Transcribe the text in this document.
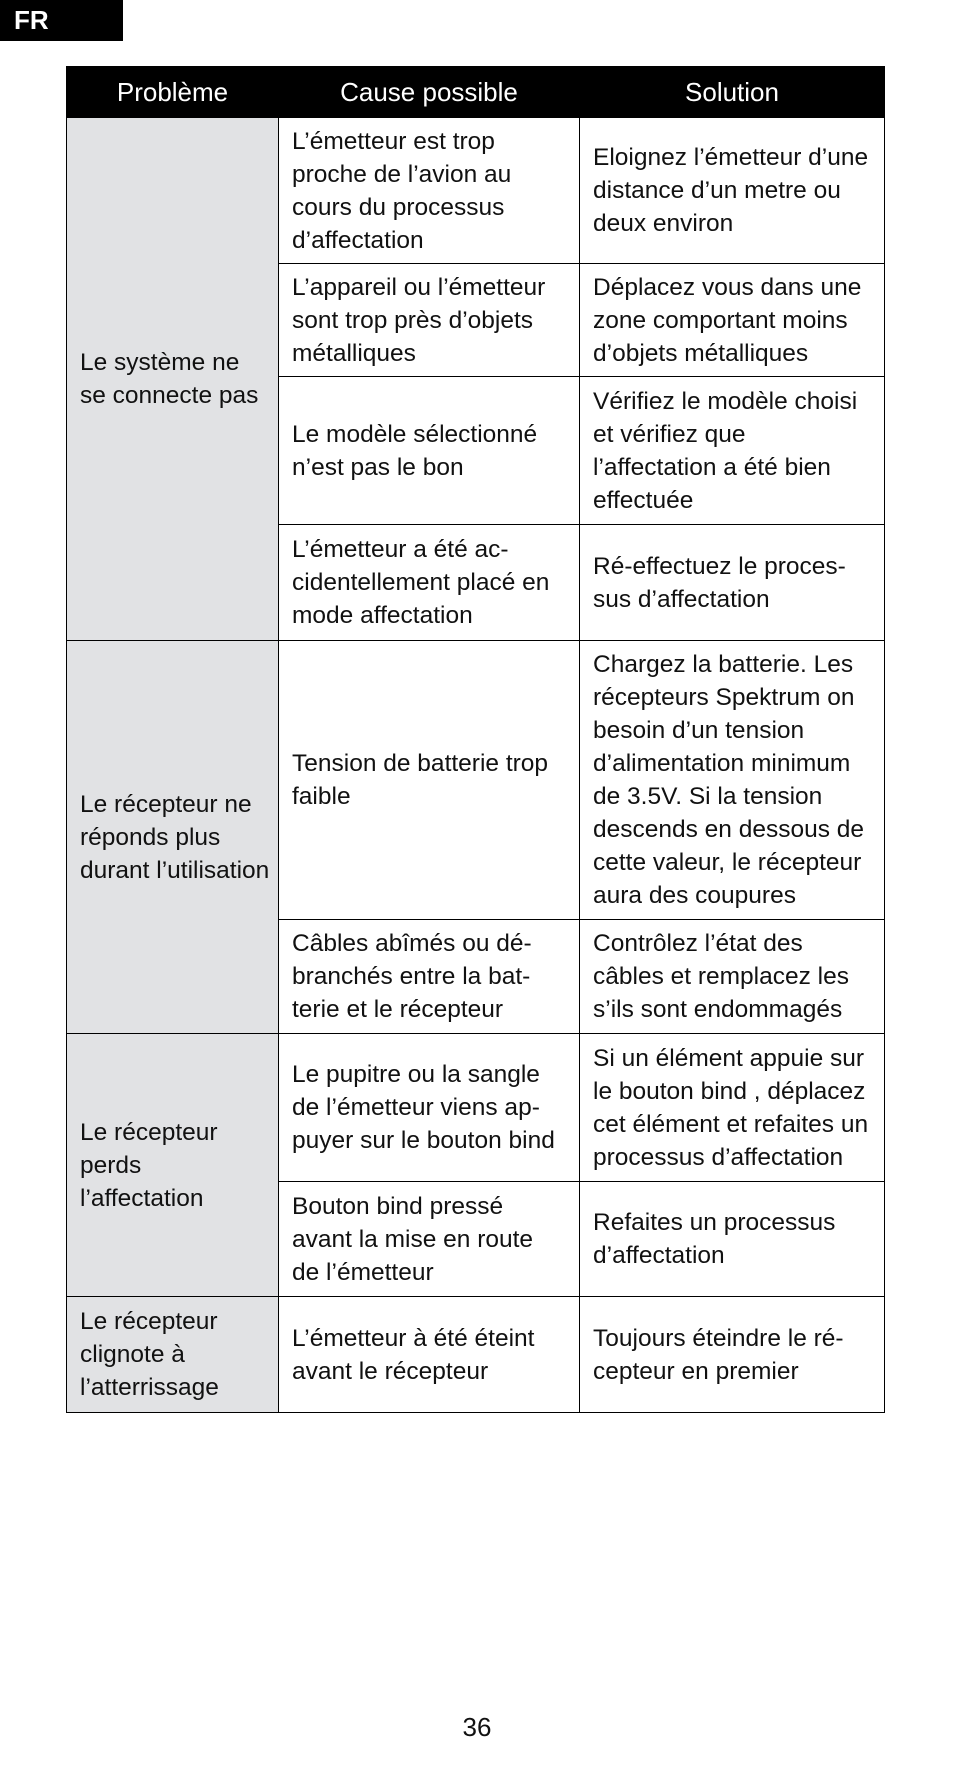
FR
Problème	Cause possible	Solution
Le système ne se connecte pas	L’émetteur est trop proche de l’avion au cours du processus d’affectation	Eloignez l’émetteur d’une distance d’un metre ou deux environ
	L’appareil ou l’émetteur sont trop près d’objets métalliques	Déplacez vous dans une zone comportant moins d’objets métalliques
	Le modèle sélectionné n’est pas le bon	Vérifiez le modèle choisi et vérifiez que l’affectation a été bien effectuée
	L’émetteur a été ac-cidentellement placé en mode affectation	Ré-effectuez le proces-sus d’affectation
Le récepteur ne réponds plus durant l’utilisation	Tension de batterie trop faible	Chargez la batterie. Les récepteurs Spektrum on besoin d’un tension d’alimentation minimum de 3.5V. Si la tension descends en dessous de cette valeur, le récepteur aura des coupures
	Câbles abîmés ou dé-branchés entre la bat-terie et le récepteur	Contrôlez l’état des câbles et remplacez les s’ils sont endommagés
Le récepteur perds l’affectation	Le pupitre ou la sangle de l’émetteur viens ap-puyer sur le bouton bind	Si un élément appuie sur le bouton bind , déplacez cet élément et refaites un processus d’affectation
	Bouton bind pressé avant la mise en route de l’émetteur	Refaites un processus d’affectation
Le récepteur clignote à l’atterrissage	L’émetteur à été éteint avant le récepteur	Toujours éteindre le ré-cepteur en premier
36
